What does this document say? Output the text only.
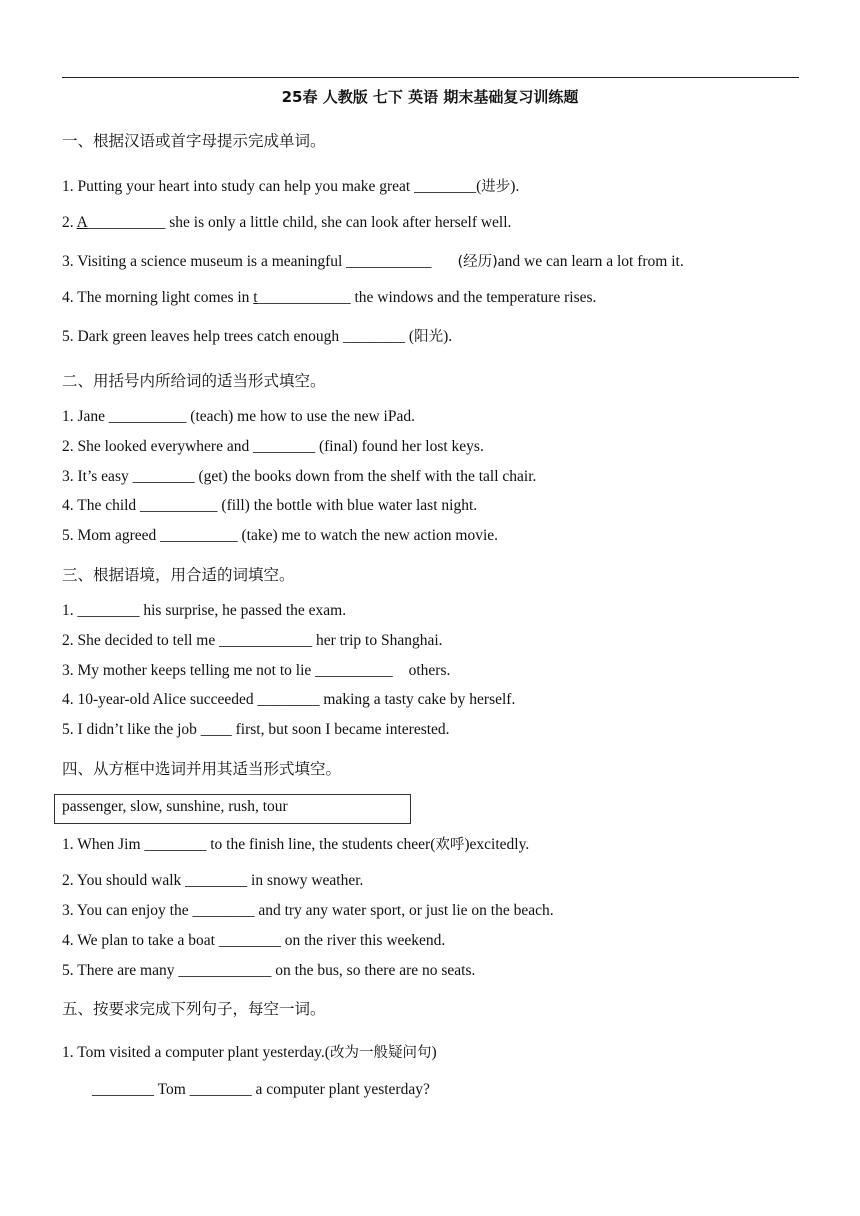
25春 人教版 七下 英语 期末基础复习训练题
一、根据汉语或首字母提示完成单词。
1. Putting your heart into study can help you make great ________(进步).
2. A__________ she is only a little child, she can look after herself well.
3. Visiting a science museum is a meaningful ___________ (经历)and we can learn a lot from it.
4. The morning light comes in t____________ the windows and the temperature rises.
5. Dark green leaves help trees catch enough ________ (阳光).
二、用括号内所给词的适当形式填空。
1. Jane __________ (teach) me how to use the new iPad.
2. She looked everywhere and ________ (final) found her lost keys.
3. It’s easy ________ (get) the books down from the shelf with the tall chair.
4. The child __________ (fill) the bottle with blue water last night.
5. Mom agreed __________ (take) me to watch the new action movie.
三、根据语境，用合适的词填空。
1. ________ his surprise, he passed the exam.
2. She decided to tell me ____________ her trip to Shanghai.
3. My mother keeps telling me not to lie __________ others.
4. 10-year-old Alice succeeded ________ making a tasty cake by herself.
5. I didn’t like the job ____ first, but soon I became interested.
四、从方框中选词并用其适当形式填空。
passenger, slow, sunshine, rush, tour
1. When Jim ________ to the finish line, the students cheer(欢呼)excitedly.
2. You should walk ________ in snowy weather.
3. You can enjoy the ________ and try any water sport, or just lie on the beach.
4. We plan to take a boat ________ on the river this weekend.
5. There are many ____________ on the bus, so there are no seats.
五、按要求完成下列句子，每空一词。
1. Tom visited a computer plant yesterday.(改为一般疑问句)
________ Tom ________ a computer plant yesterday?
